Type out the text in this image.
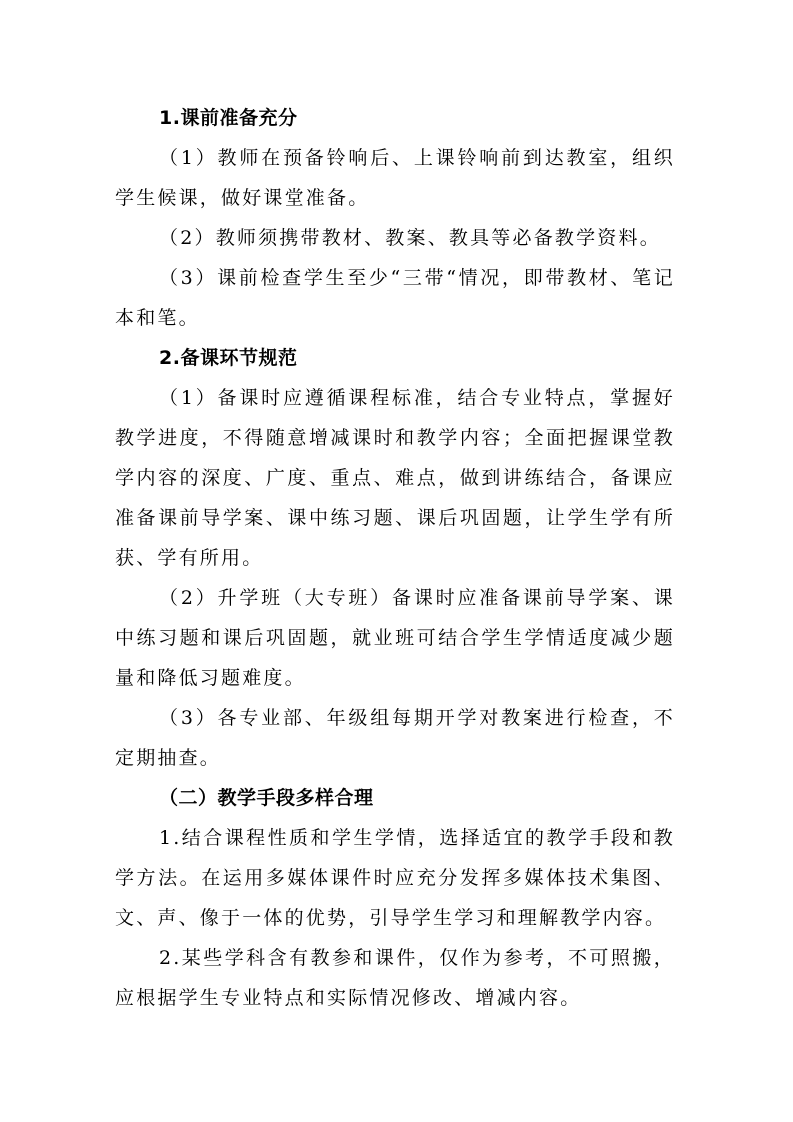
1.课前准备充分

（1）教师在预备铃响后、上课铃响前到达教室，组织学生候课，做好课堂准备。

（2）教师须携带教材、教案、教具等必备教学资料。

（3）课前检查学生至少“三带“情况，即带教材、笔记本和笔。

2.备课环节规范

（1）备课时应遵循课程标准，结合专业特点，掌握好教学进度，不得随意增减课时和教学内容；全面把握课堂教学内容的深度、广度、重点、难点，做到讲练结合，备课应准备课前导学案、课中练习题、课后巩固题，让学生学有所获、学有所用。

（2）升学班（大专班）备课时应准备课前导学案、课中练习题和课后巩固题，就业班可结合学生学情适度减少题量和降低习题难度。

（3）各专业部、年级组每期开学对教案进行检查，不定期抽查。

（二）教学手段多样合理

1.结合课程性质和学生学情，选择适宜的教学手段和教学方法。在运用多媒体课件时应充分发挥多媒体技术集图、文、声、像于一体的优势，引导学生学习和理解教学内容。

2.某些学科含有教参和课件，仅作为参考，不可照搬，应根据学生专业特点和实际情况修改、增减内容。
